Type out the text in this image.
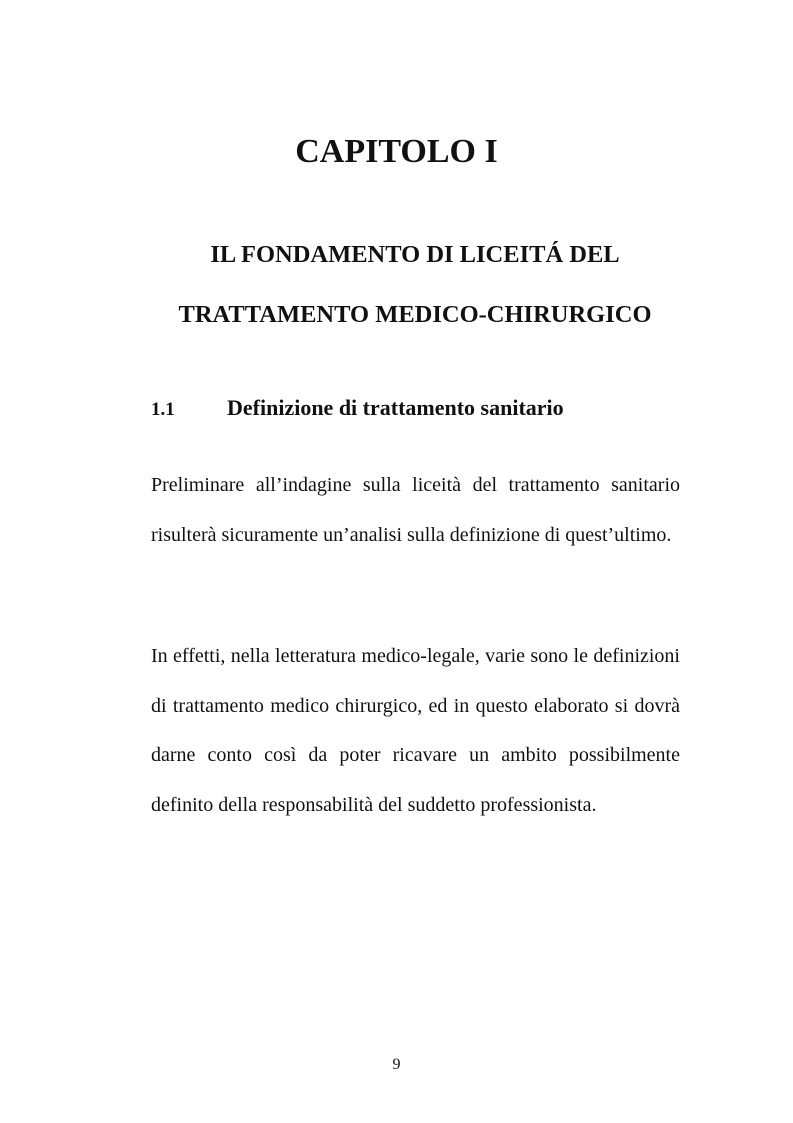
CAPITOLO I
IL FONDAMENTO DI LICEITÁ DEL
TRATTAMENTO MEDICO-CHIRURGICO
1.1 Definizione di trattamento sanitario

Preliminare all’indagine sulla liceità del trattamento sanitario risulterà sicuramente un’analisi sulla definizione di quest’ultimo.

In effetti, nella letteratura medico-legale, varie sono le definizioni di trattamento medico chirurgico, ed in questo elaborato si dovrà darne conto così da poter ricavare un ambito possibilmente definito della responsabilità del suddetto professionista.

9
